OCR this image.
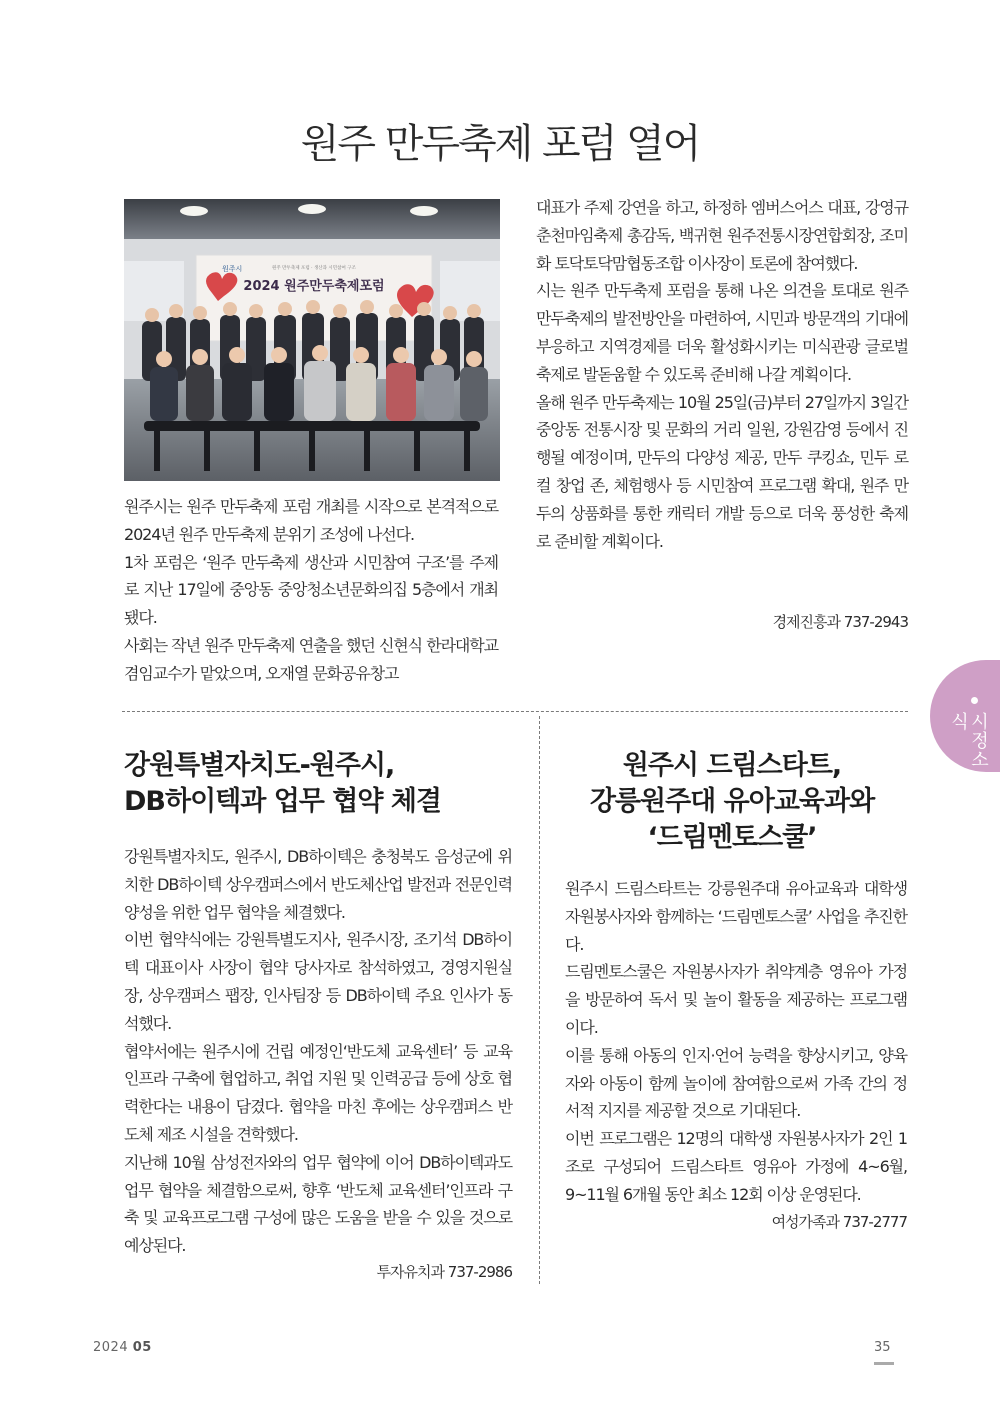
원주 만두축제 포럼 열어
원주시	원주 만두축제 포럼 · 생산과 시민참여 구조
2024 원주만두축제포럼

원주시는 원주 만두축제 포럼 개최를 시작으로 본격적으로 2024년 원주 만두축제 분위기 조성에 나선다.

1차 포럼은 ‘원주 만두축제 생산과 시민참여 구조’를 주제로 지난 17일에 중앙동 중앙청소년문화의집 5층에서 개최됐다.

사회는 작년 원주 만두축제 연출을 했던 신현식 한라대학교 겸임교수가 맡았으며, 오재열 문화공유창고

대표가 주제 강연을 하고, 하정하 엠버스어스 대표, 강영규 춘천마임축제 총감독, 백귀현 원주전통시장연합회장, 조미화 토닥토닥맘협동조합 이사장이 토론에 참여했다.

시는 원주 만두축제 포럼을 통해 나온 의견을 토대로 원주 만두축제의 발전방안을 마련하여, 시민과 방문객의 기대에 부응하고 지역경제를 더욱 활성화시키는 미식관광 글로벌 축제로 발돋움할 수 있도록 준비해 나갈 계획이다.

올해 원주 만두축제는 10월 25일(금)부터 27일까지 3일간 중앙동 전통시장 및 문화의 거리 일원, 강원감영 등에서 진행될 예정이며, 만두의 다양성 제공, 만두 쿠킹쇼, 민두 로컬 창업 존, 체험행사 등 시민참여 프로그램 확대, 원주 만두의 상품화를 통한 캐릭터 개발 등으로 더욱 풍성한 축제로 준비할 계획이다.

경제진흥과 737-2943
강원특별자치도-원주시,
DB하이텍과 업무 협약 체결

강원특별자치도, 원주시, DB하이텍은 충청북도 음성군에 위치한 DB하이텍 상우캠퍼스에서 반도체산업 발전과 전문인력 양성을 위한 업무 협약을 체결했다.

이번 협약식에는 강원특별도지사, 원주시장, 조기석 DB하이텍 대표이사 사장이 협약 당사자로 참석하였고, 경영지원실장, 상우캠퍼스 팹장, 인사팀장 등 DB하이텍 주요 인사가 동석했다.

협약서에는 원주시에 건립 예정인‘반도체 교육센터’ 등 교육인프라 구축에 협업하고, 취업 지원 및 인력공급 등에 상호 협력한다는 내용이 담겼다. 협약을 마친 후에는 상우캠퍼스 반도체 제조 시설을 견학했다.

지난해 10월 삼성전자와의 업무 협약에 이어 DB하이텍과도 업무 협약을 체결함으로써, 향후 ‘반도체 교육센터’인프라 구축 및 교육프로그램 구성에 많은 도움을 받을 수 있을 것으로 예상된다.

투자유치과 737-2986
원주시 드림스타트,
강릉원주대 유아교육과와
‘드림멘토스쿨’

원주시 드림스타트는 강릉원주대 유아교육과 대학생 자원봉사자와 함께하는 ‘드림멘토스쿨’ 사업을 추진한다.

드림멘토스쿨은 자원봉사자가 취약계층 영유아 가정을 방문하여 독서 및 놀이 활동을 제공하는 프로그램이다.

이를 통해 아동의 인지·언어 능력을 향상시키고, 양육자와 아동이 함께 놀이에 참여함으로써 가족 간의 정서적 지지를 제공할 것으로 기대된다.

이번 프로그램은 12명의 대학생 자원봉사자가 2인 1조로 구성되어 드림스타트 영유아 가정에 4~6월, 9~11월 6개월 동안 최소 12회 이상 운영된다.

여성가족과 737-2777
시정소식
2024 05	35
